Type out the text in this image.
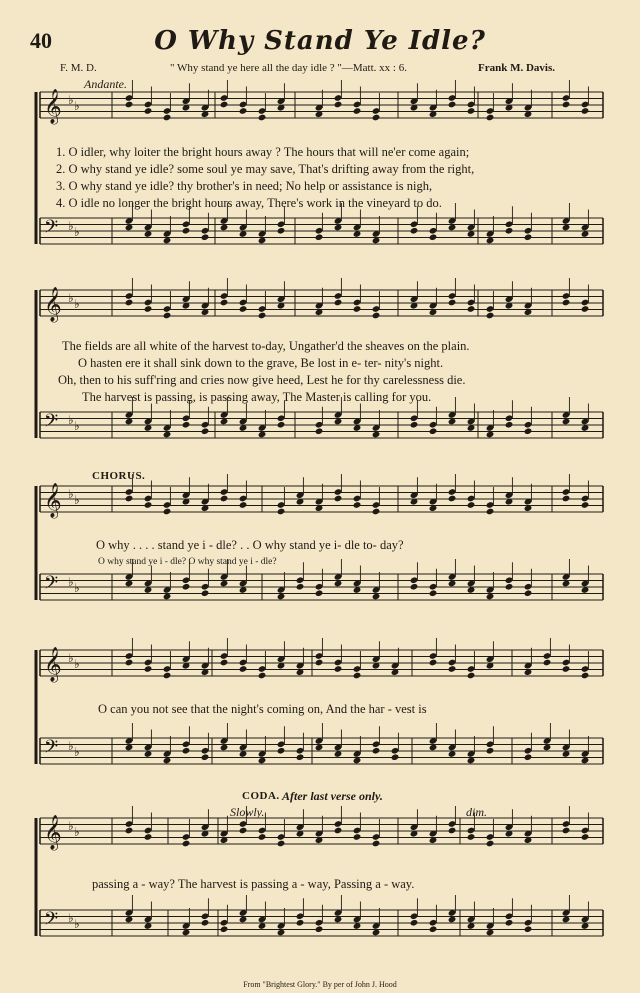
𝄞 ♭ ♭
𝄢 ♭ ♭
𝄞 ♭ ♭
𝄢 ♭ ♭
𝄞 ♭ ♭
𝄢 ♭ ♭
𝄞 ♭ ♭
𝄢 ♭ ♭
𝄞 ♭ ♭
𝄢 ♭ ♭
40	O Why Stand Ye Idle?
F. M. D.	" Why stand ye here all the day idle ? "—Matt. xx : 6.	Frank M. Davis.
Andante.
1. O idler, why loiter the bright hours away ? The hours that will ne'er come again;
2. O why stand ye idle? some soul ye may save, That's drifting away from the right,
3. O why stand ye idle? thy brother's in need; No help or assistance is nigh,
4. O idle no longer the bright hours away, There's work in the vineyard to do.
The fields are all white of the harvest to-day, Ungather'd the sheaves on the plain.
O hasten ere it shall sink down to the grave, Be lost in e- ter- nity's night.
Oh, then to his suff'ring and cries now give heed, Lest he for thy carelessness die.
The harvest is passing, is passing away, The Master is calling for you.
CHORUS.
O why . . . . stand ye i - dle? . . O why stand ye i- dle to- day?
O why stand ye i - dle? O why stand ye i - dle?
O can you not see that the night's coming on, And the har - vest is
CODA. After last verse only.
Slowly.	dim.
passing a - way? The harvest is passing a - way, Passing a - way.
From "Brightest Glory." By per of John J. Hood
